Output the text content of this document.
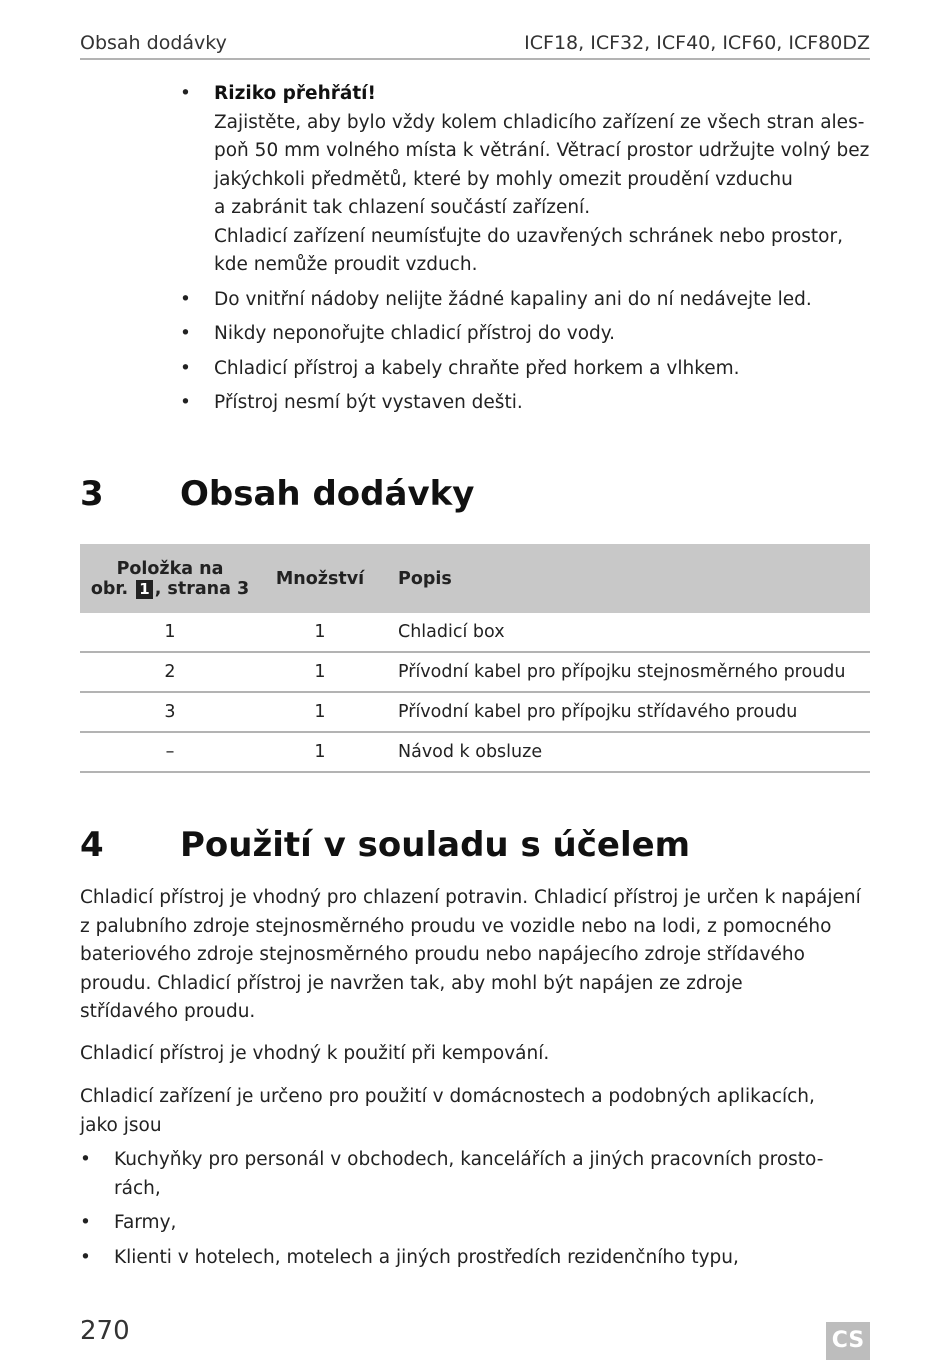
Obsah dodávky	ICF18, ICF32, ICF40, ICF60, ICF80DZ
• Riziko přehřátí!
Zajistěte, aby bylo vždy kolem chladicího zařízení ze všech stran ales-
poň 50 mm volného místa k větrání. Větrací prostor udržujte volný bez
jakýchkoli předmětů, které by mohly omezit proudění vzduchu
a zabránit tak chlazení součástí zařízení.
Chladicí zařízení neumísťujte do uzavřených schránek nebo prostor,
kde nemůže proudit vzduch.
• Do vnitřní nádoby nelijte žádné kapaliny ani do ní nedávejte led.
• Nikdy neponořujte chladicí přístroj do vody.
• Chladicí přístroj a kabely chraňte před horkem a vlhkem.
• Přístroj nesmí být vystaven dešti.
3 Obsah dodávky
Položka na
obr. 1 , strana 3	Množství	Popis
1	1	Chladicí box
2	1	Přívodní kabel pro přípojku stejnosměrného proudu
3	1	Přívodní kabel pro přípojku střídavého proudu
–	1	Návod k obsluze
4 Použití v souladu s účelem
Chladicí přístroj je vhodný pro chlazení potravin. Chladicí přístroj je určen k napájení
z palubního zdroje stejnosměrného proudu ve vozidle nebo na lodi, z pomocného
bateriového zdroje stejnosměrného proudu nebo napájecího zdroje střídavého
proudu. Chladicí přístroj je navržen tak, aby mohl být napájen ze zdroje
střídavého proudu.
Chladicí přístroj je vhodný k použití při kempování.
Chladicí zařízení je určeno pro použití v domácnostech a podobných aplikacích,
jako jsou
• Kuchyňky pro personál v obchodech, kancelářích a jiných pracovních prosto-
rách,
• Farmy,
• Klienti v hotelech, motelech a jiných prostředích rezidenčního typu,
270	CS
